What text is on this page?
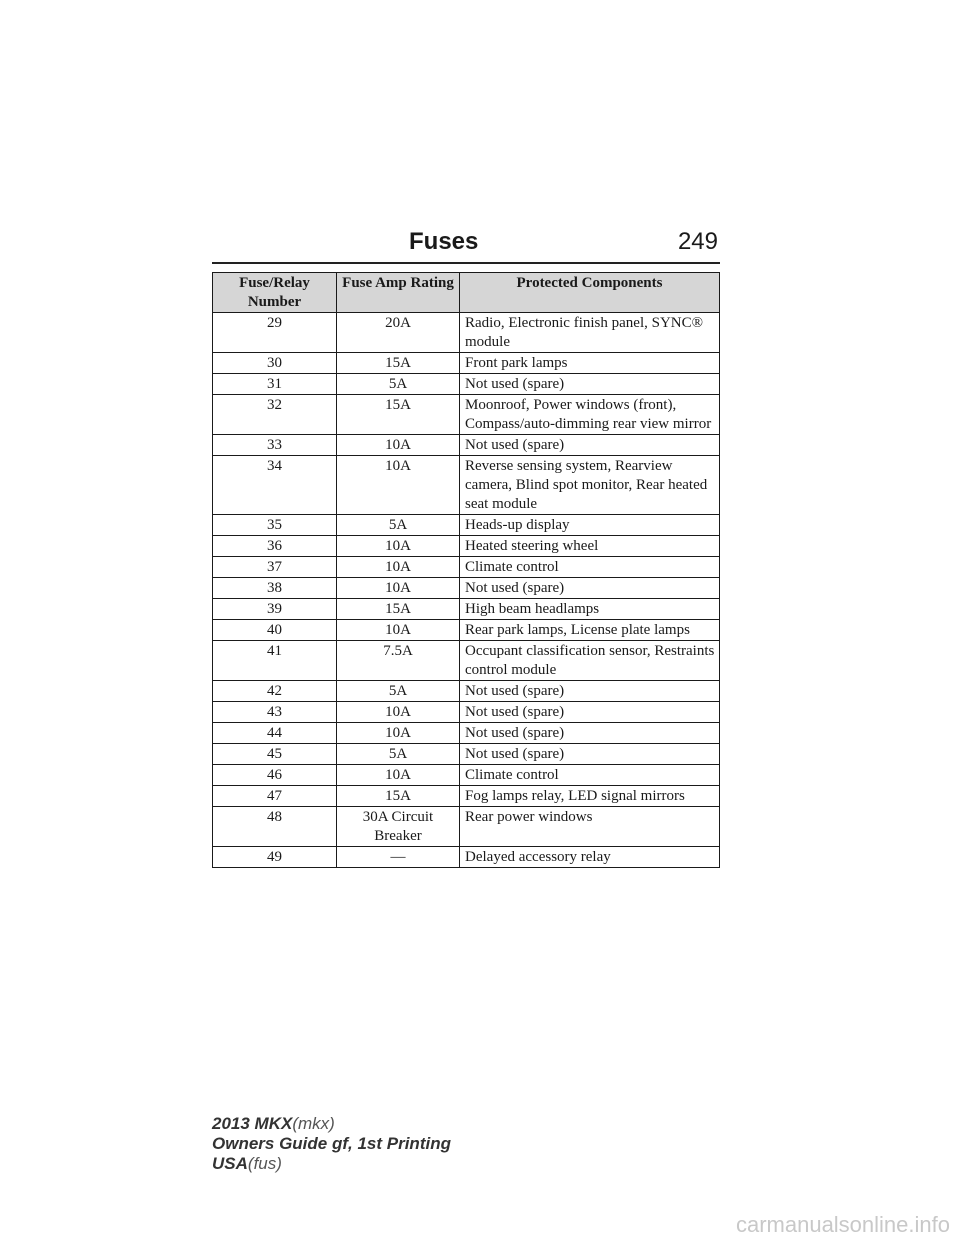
Fuses	249
Fuse/Relay Number	Fuse Amp Rating	Protected Components
29	20A	Radio, Electronic finish panel, SYNC® module
30	15A	Front park lamps
31	5A	Not used (spare)
32	15A	Moonroof, Power windows (front), Compass/auto-dimming rear view mirror
33	10A	Not used (spare)
34	10A	Reverse sensing system, Rearview camera, Blind spot monitor, Rear heated seat module
35	5A	Heads-up display
36	10A	Heated steering wheel
37	10A	Climate control
38	10A	Not used (spare)
39	15A	High beam headlamps
40	10A	Rear park lamps, License plate lamps
41	7.5A	Occupant classification sensor, Restraints control module
42	5A	Not used (spare)
43	10A	Not used (spare)
44	10A	Not used (spare)
45	5A	Not used (spare)
46	10A	Climate control
47	15A	Fog lamps relay, LED signal mirrors
48	30A Circuit Breaker	Rear power windows
49	—	Delayed accessory relay
2013 MKX(mkx)
Owners Guide gf, 1st Printing
USA(fus)
carmanualsonline.info
